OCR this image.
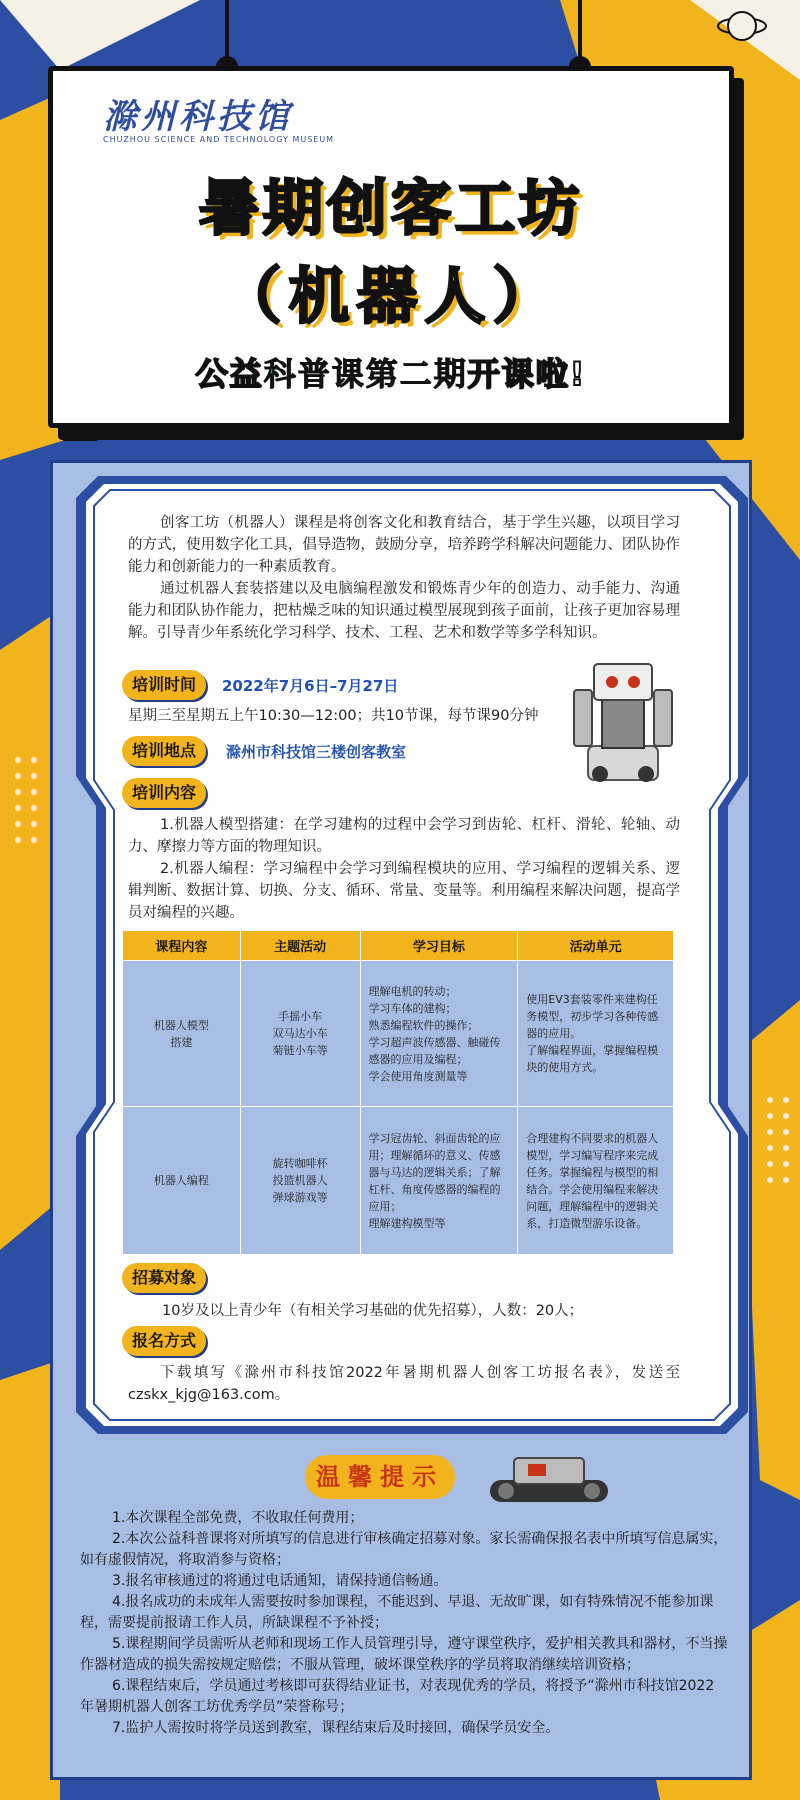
滁州科技馆
CHUZHOU SCIENCE AND TECHNOLOGY MUSEUM
暑期创客工坊
（机器人）
公益科普课第二期开课啦!
创客工坊（机器人）课程是将创客文化和教育结合，基于学生兴趣，以项目学习的方式，使用数字化工具，倡导造物，鼓励分享，培养跨学科解决问题能力、团队协作能力和创新能力的一种素质教育。
通过机器人套装搭建以及电脑编程激发和锻炼青少年的创造力、动手能力、沟通能力和团队协作能力，把枯燥乏味的知识通过模型展现到孩子面前，让孩子更加容易理解。引导青少年系统化学习科学、技术、工程、艺术和数学等多学科知识。
培训时间	2022年7月6日–7月27日
星期三至星期五上午10:30—12:00；共10节课，每节课90分钟
培训地点	滁州市科技馆三楼创客教室
培训内容
1.机器人模型搭建：在学习建构的过程中会学习到齿轮、杠杆、滑轮、轮轴、动力、摩擦力等方面的物理知识。
2.机器人编程：学习编程中会学习到编程模块的应用、学习编程的逻辑关系、逻辑判断、数据计算、切换、分支、循环、常量、变量等。利用编程来解决问题，提高学员对编程的兴趣。
课程内容	主题活动	学习目标	活动单元
机器人模型
搭建	手摇小车
双马达小车
菊链小车等	理解电机的转动；
学习车体的建构；
熟悉编程软件的操作；
学习超声波传感器、触碰传感器的应用及编程；
学会使用角度测量等	使用EV3套装零件来建构任务模型，初步学习各种传感器的应用。
了解编程界面，掌握编程模块的使用方式。
机器人编程	旋转咖啡杯
投篮机器人
弹球游戏等	学习冠齿轮、斜面齿轮的应用；理解循环的意义、传感器与马达的逻辑关系；了解杠杆、角度传感器的编程的应用；
理解建构模型等	合理建构不同要求的机器人模型，学习编写程序来完成任务。掌握编程与模型的相结合。学会使用编程来解决问题，理解编程中的逻辑关系，打造微型游乐设备。
招募对象
10岁及以上青少年（有相关学习基础的优先招募），人数：20人；
报名方式
下载填写《滁州市科技馆2022年暑期机器人创客工坊报名表》，发送至czskx_kjg@163.com。
温馨提示

1.本次课程全部免费，不收取任何费用；

2.本次公益科普课将对所填写的信息进行审核确定招募对象。家长需确保报名表中所填写信息属实，如有虚假情况，将取消参与资格；

3.报名审核通过的将通过电话通知，请保持通信畅通。

4.报名成功的未成年人需要按时参加课程，不能迟到、早退、无故旷课，如有特殊情况不能参加课程，需要提前报请工作人员，所缺课程不予补授；

5.课程期间学员需听从老师和现场工作人员管理引导，遵守课堂秩序，爱护相关教具和器材，不当操作器材造成的损失需按规定赔偿；不服从管理，破坏课堂秩序的学员将取消继续培训资格；

6.课程结束后，学员通过考核即可获得结业证书，对表现优秀的学员，将授予“滁州市科技馆2022年暑期机器人创客工坊优秀学员”荣誉称号；

7.监护人需按时将学员送到教室，课程结束后及时接回，确保学员安全。
